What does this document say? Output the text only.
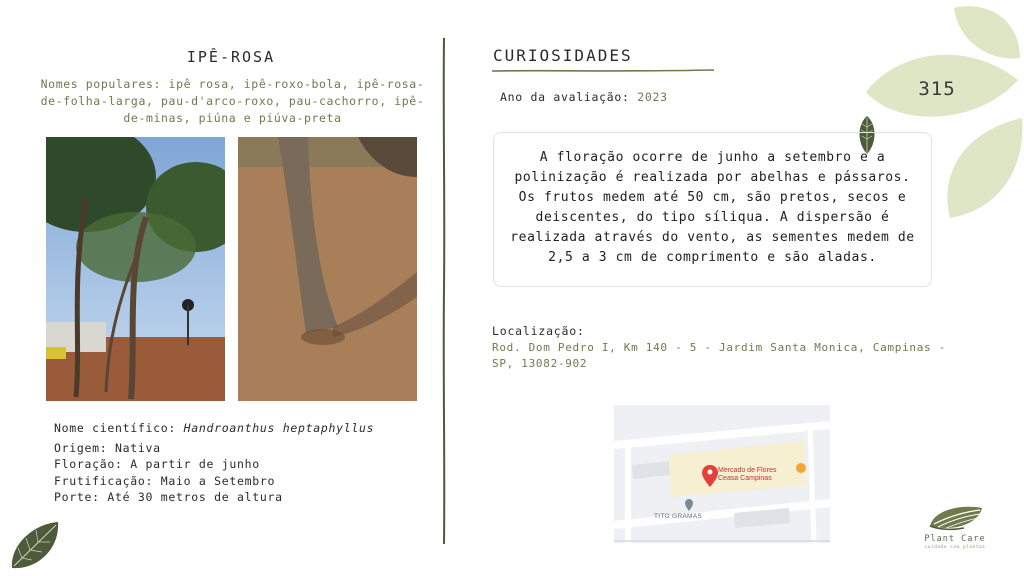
315
IPÊ-ROSA
Nomes populares: ipê rosa, ipê-roxo-bola, ipê-rosa-de-folha-larga, pau-d'arco-roxo, pau-cachorro, ipê-de-minas, piúna e piúva-preta
Nome científico: Handroanthus heptaphyllus
Origem: Nativa
Floração: A partir de junho
Frutificação: Maio a Setembro
Porte: Até 30 metros de altura
CURIOSIDADES
Ano da avaliação: 2023

A floração ocorre de junho a setembro e a polinização é realizada por abelhas e pássaros. Os frutos medem até 50 cm, são pretos, secos e deiscentes, do tipo síliqua. A dispersão é realizada através do vento, as sementes medem de 2,5 a 3 cm de comprimento e são aladas.

Localização:
Rod. Dom Pedro I, Km 140 - 5 - Jardim Santa Monica, Campinas - SP, 13082-902
Mercado de Flores
Ceasa Campinas
TITO GRAMAS
Plant Care
cuidado com plantas
